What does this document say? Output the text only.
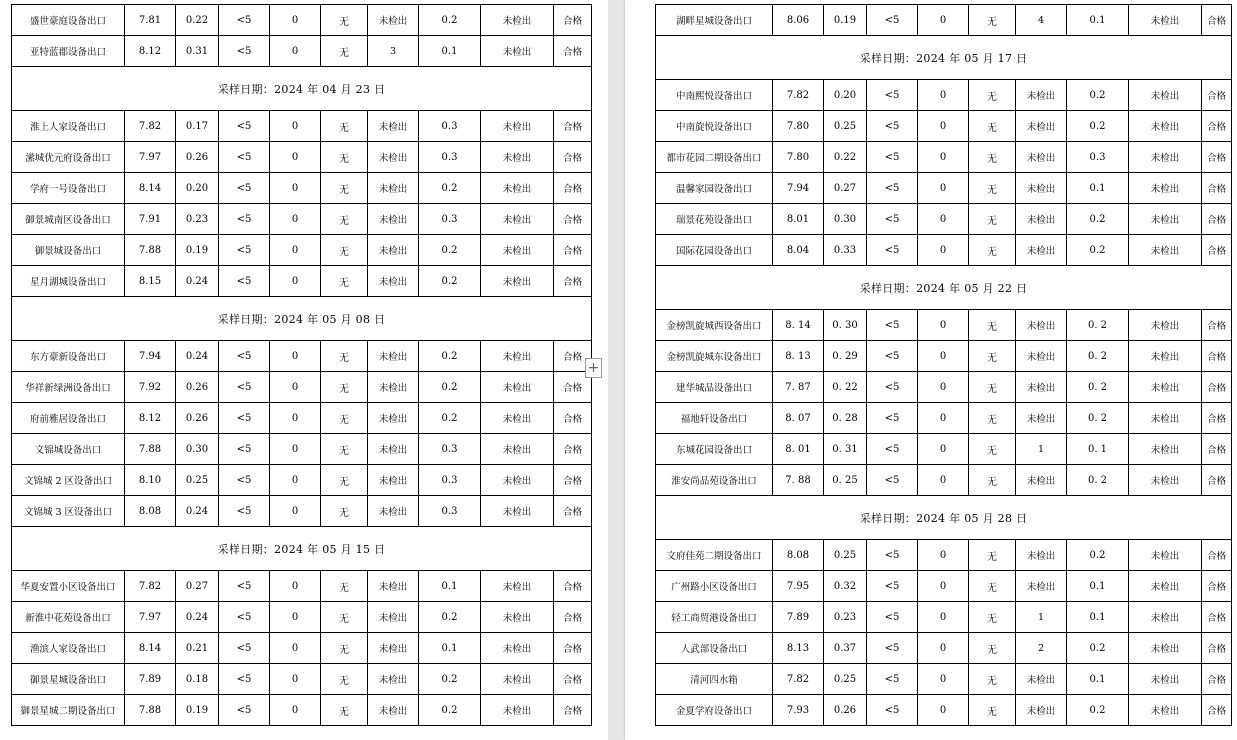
盛世豪庭设备出口	7.81	0.22	<5	0	无	未检出	0.2	未检出	合格
亚特蓝郡设备出口	8.12	0.31	<5	0	无	3	0.1	未检出	合格
采样日期：2024 年 04 月 23 日									
淮上人家设备出口	7.82	0.17	<5	0	无	未检出	0.3	未检出	合格
潆城优元府设备出口	7.97	0.26	<5	0	无	未检出	0.3	未检出	合格
学府一号设备出口	8.14	0.20	<5	0	无	未检出	0.2	未检出	合格
御景城南区设备出口	7.91	0.23	<5	0	无	未检出	0.3	未检出	合格
御景城设备出口	7.88	0.19	<5	0	无	未检出	0.2	未检出	合格
星月湖城设备出口	8.15	0.24	<5	0	无	未检出	0.2	未检出	合格
采样日期：2024 年 05 月 08 日									
东方豪新设备出口	7.94	0.24	<5	0	无	未检出	0.2	未检出	合格
华祥新绿洲设备出口	7.92	0.26	<5	0	无	未检出	0.2	未检出	合格
府前雅居设备出口	8.12	0.26	<5	0	无	未检出	0.2	未检出	合格
文锦城设备出口	7.88	0.30	<5	0	无	未检出	0.3	未检出	合格
文锦城 2 区设备出口	8.10	0.25	<5	0	无	未检出	0.3	未检出	合格
文锦城 3 区设备出口	8.08	0.24	<5	0	无	未检出	0.3	未检出	合格
采样日期：2024 年 05 月 15 日									
华夏安置小区设备出口	7.82	0.27	<5	0	无	未检出	0.1	未检出	合格
新淮中花苑设备出口	7.97	0.24	<5	0	无	未检出	0.2	未检出	合格
渔滨人家设备出口	8.14	0.21	<5	0	无	未检出	0.1	未检出	合格
御景星城设备出口	7.89	0.18	<5	0	无	未检出	0.2	未检出	合格
御景星城二期设备出口	7.88	0.19	<5	0	无	未检出	0.2	未检出	合格
+
湖畔星城设备出口	8.06	0.19	<5	0	无	4	0.1	未检出	合格
采样日期：2024 年 05 月 17 日									
中南熙悦设备出口	7.82	0.20	<5	0	无	未检出	0.2	未检出	合格
中南旋悦设备出口	7.80	0.25	<5	0	无	未检出	0.2	未检出	合格
都市花园二期设备出口	7.80	0.22	<5	0	无	未检出	0.3	未检出	合格
温馨家园设备出口	7.94	0.27	<5	0	无	未检出	0.1	未检出	合格
瑞景花苑设备出口	8.01	0.30	<5	0	无	未检出	0.2	未检出	合格
国际花园设备出口	8.04	0.33	<5	0	无	未检出	0.2	未检出	合格
采样日期：2024 年 05 月 22 日									
金榜凯旋城西设备出口	8. 14	0. 30	<5	0	无	未检出	0. 2	未检出	合格
金榜凯旋城东设备出口	8. 13	0. 29	<5	0	无	未检出	0. 2	未检出	合格
建华城品设备出口	7. 87	0. 22	<5	0	无	未检出	0. 2	未检出	合格
福地轩设备出口	8. 07	0. 28	<5	0	无	未检出	0. 2	未检出	合格
东城花园设备出口	8. 01	0. 31	<5	0	无	1	0. 1	未检出	合格
淮安尚品苑设备出口	7. 88	0. 25	<5	0	无	未检出	0. 2	未检出	合格
采样日期：2024 年 05 月 28 日									
文府佳苑二期设备出口	8.08	0.25	<5	0	无	未检出	0.2	未检出	合格
广州路小区设备出口	7.95	0.32	<5	0	无	未检出	0.1	未检出	合格
轻工商贸港设备出口	7.89	0.23	<5	0	无	1	0.1	未检出	合格
人武部设备出口	8.13	0.37	<5	0	无	2	0.2	未检出	合格
清河四水箱	7.82	0.25	<5	0	无	未检出	0.1	未检出	合格
金夏学府设备出口	7.93	0.26	<5	0	无	未检出	0.2	未检出	合格
